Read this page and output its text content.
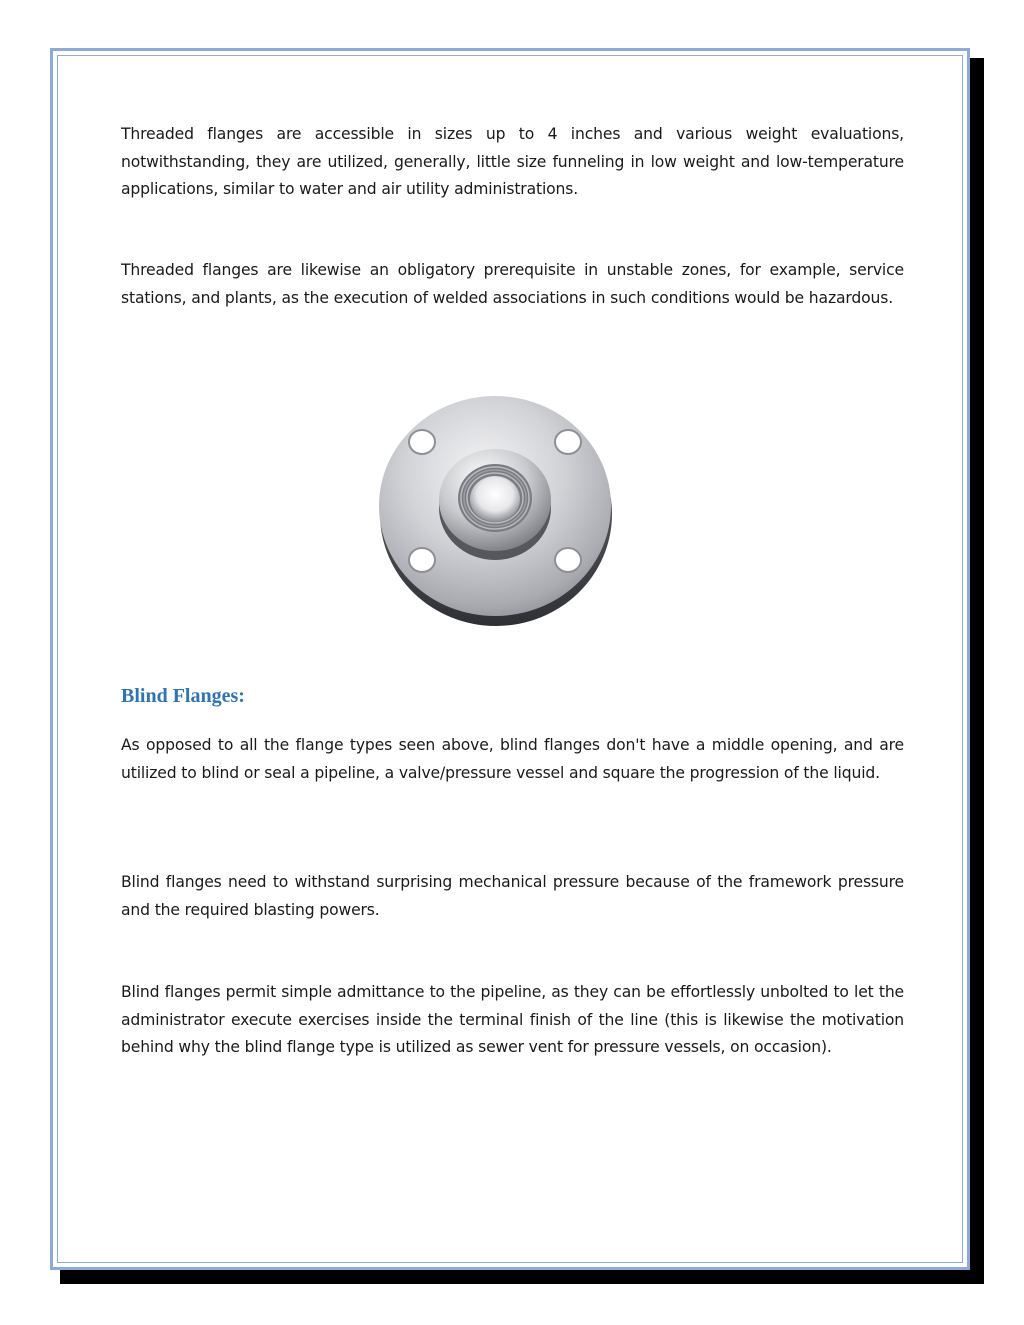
Threaded flanges are accessible in sizes up to 4 inches and various weight evaluations, notwithstanding, they are utilized, generally, little size funneling in low weight and low-temperature applications, similar to water and air utility administrations.

Threaded flanges are likewise an obligatory prerequisite in unstable zones, for example, service stations, and plants, as the execution of welded associations in such conditions would be hazardous.

Blind Flanges:

As opposed to all the flange types seen above, blind flanges don't have a middle opening, and are utilized to blind or seal a pipeline, a valve/pressure vessel and square the progression of the liquid.

Blind flanges need to withstand surprising mechanical pressure because of the framework pressure and the required blasting powers.

Blind flanges permit simple admittance to the pipeline, as they can be effortlessly unbolted to let the administrator execute exercises inside the terminal finish of the line (this is likewise the motivation behind why the blind flange type is utilized as sewer vent for pressure vessels, on occasion).
